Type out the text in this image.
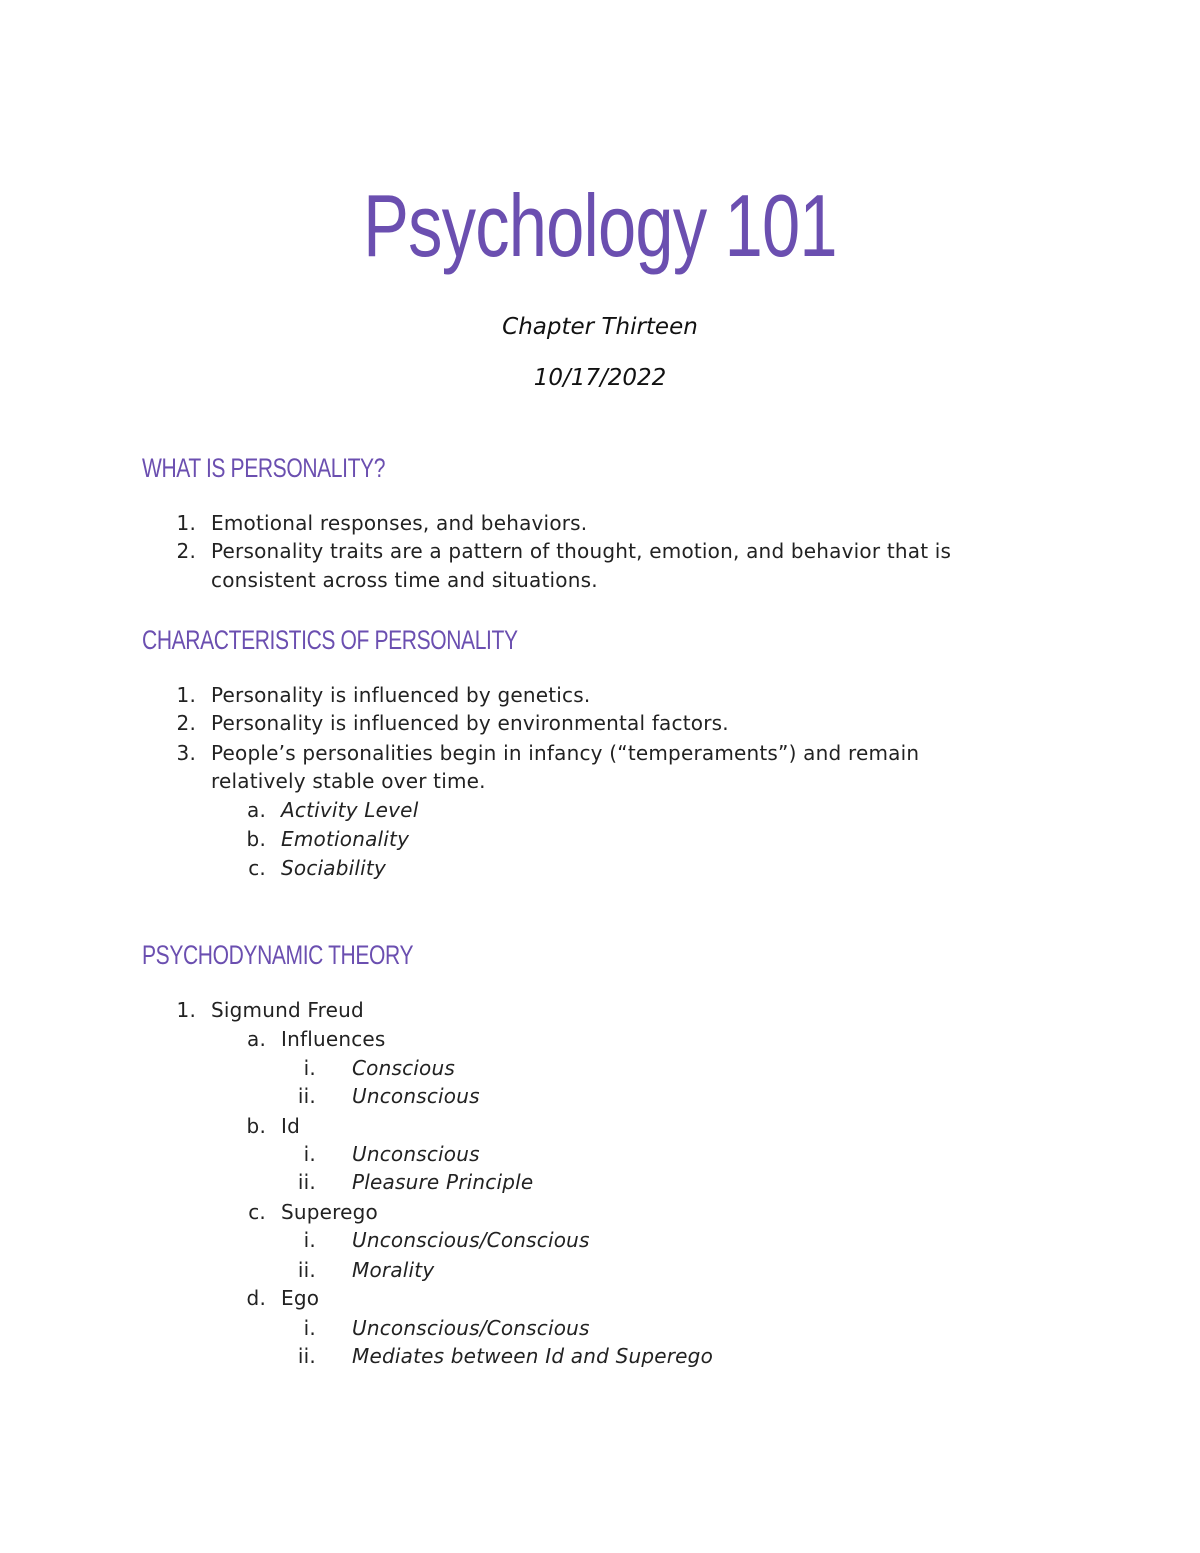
Psychology 101
Chapter Thirteen
10/17/2022
WHAT IS PERSONALITY?
1. Emotional responses, and behaviors.
2. Personality traits are a pattern of thought, emotion, and behavior that is
consistent across time and situations.
CHARACTERISTICS OF PERSONALITY
1. Personality is influenced by genetics.
2. Personality is influenced by environmental factors.
3. People’s personalities begin in infancy (“temperaments”) and remain
relatively stable over time.
a. Activity Level
b. Emotionality
c. Sociability
PSYCHODYNAMIC THEORY
1. Sigmund Freud
a. Influences
i. Conscious
ii. Unconscious
b. Id
i. Unconscious
ii. Pleasure Principle
c. Superego
i. Unconscious/Conscious
ii. Morality
d. Ego
i. Unconscious/Conscious
ii. Mediates between Id and Superego
